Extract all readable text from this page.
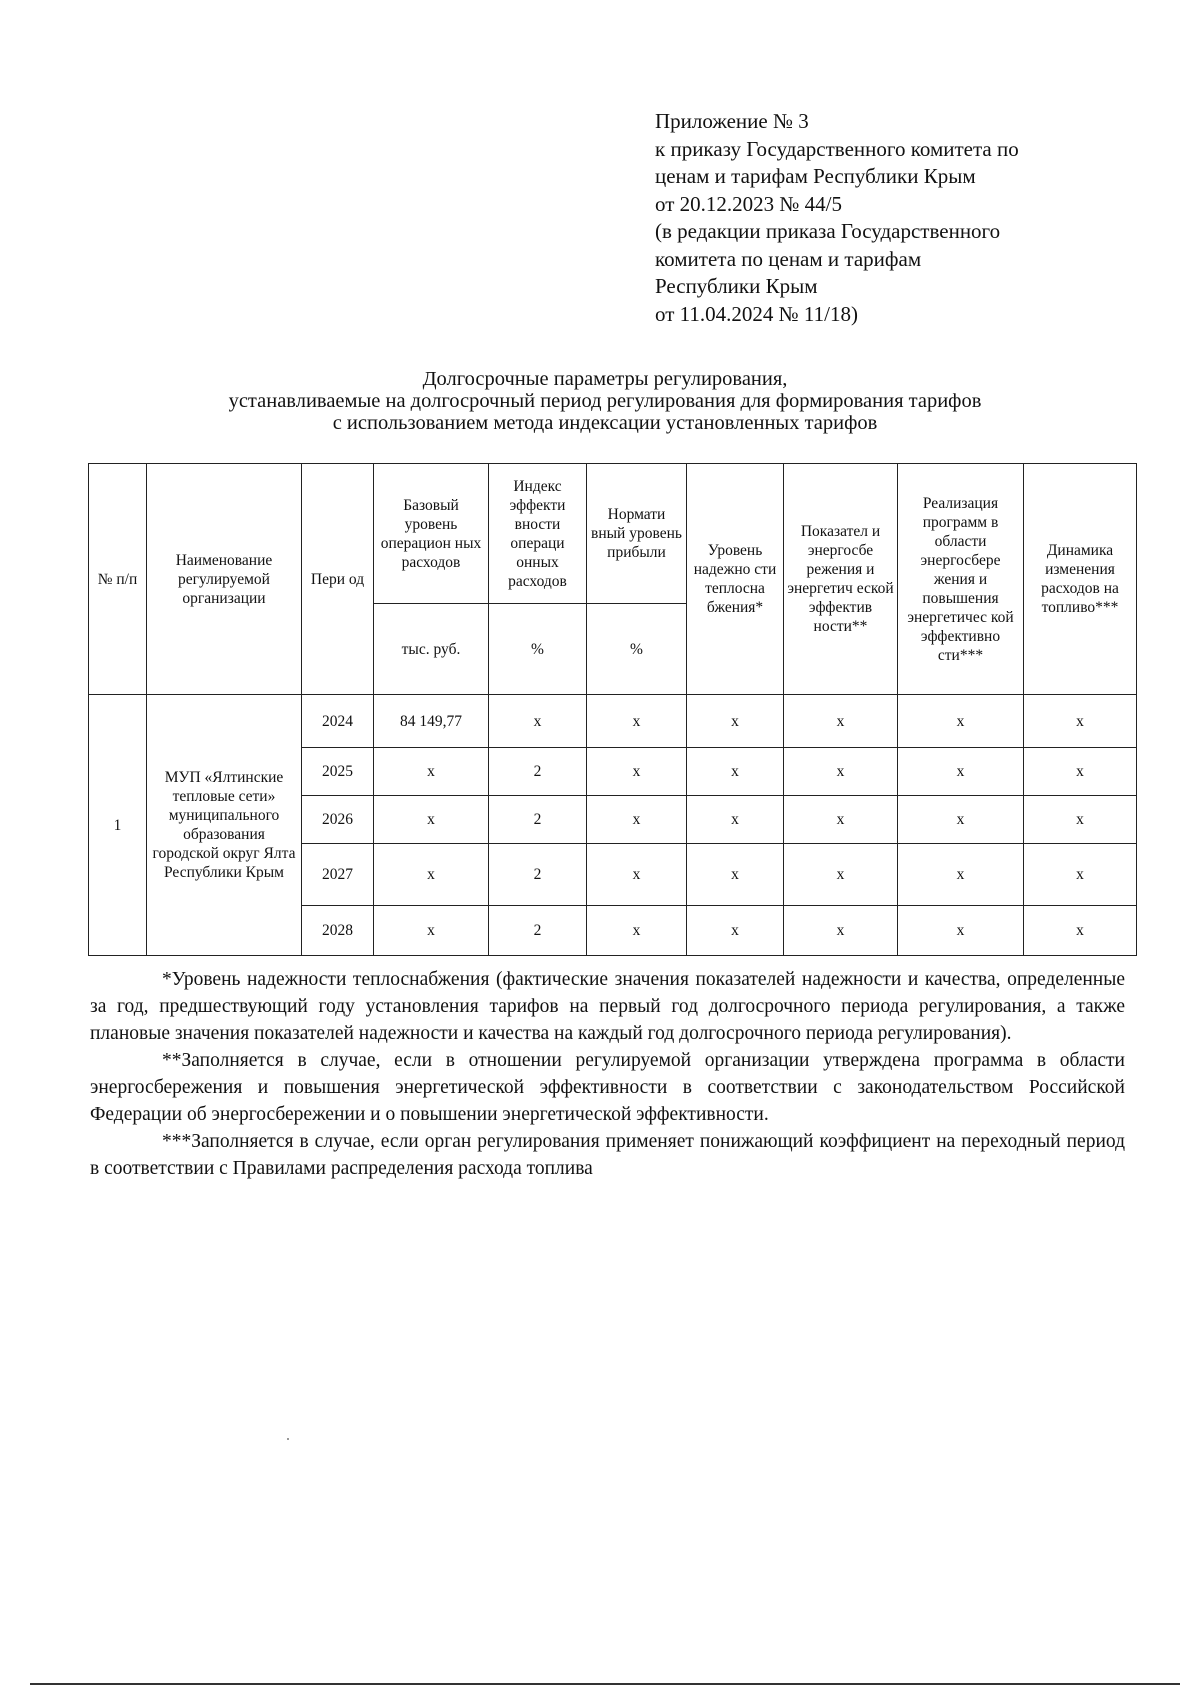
Приложение № 3
к приказу Государственного комитета по
ценам и тарифам Республики Крым
от 20.12.2023 № 44/5
(в редакции приказа Государственного
комитета по ценам и тарифам
Республики Крым
от 11.04.2024 № 11/18)
Долгосрочные параметры регулирования,
устанавливаемые на долгосрочный период регулирования для формирования тарифов
с использованием метода индексации установленных тарифов
№ п/п	Наименование регулируемой организации	Пери од	Базовый уровень операцион ных расходов	Индекс эффекти вности операци онных расходов	Нормати вный уровень прибыли	Уровень надежно сти теплосна бжения*	Показател и энергосбе режения и энергетич еской эффектив ности**	Реализация программ в области энергосбере жения и повышения энергетичес кой эффективно сти***	Динамика изменения расходов на топливо***
			тыс. руб.	%	%				
1	МУП «Ялтинские тепловые сети» муниципального образования городской округ Ялта Республики Крым	2024	84 149,77	х	х	х	х	х	х
		2025	х	2	х	х	х	х	х
		2026	х	2	х	х	х	х	х
		2027	х	2	х	х	х	х	х
		2028	х	2	х	х	х	х	х

*Уровень надежности теплоснабжения (фактические значения показателей надежности и качества, определенные за год, предшествующий году установления тарифов на первый год долгосрочного периода регулирования, а также плановые значения показателей надежности и качества на каждый год долгосрочного периода регулирования).

**Заполняется в случае, если в отношении регулируемой организации утверждена программа в области энергосбережения и повышения энергетической эффективности в соответствии с законодательством Российской Федерации об энергосбережении и о повышении энергетической эффективности.

***Заполняется в случае, если орган регулирования применяет понижающий коэффициент на переходный период в соответствии с Правилами распределения расхода топлива
